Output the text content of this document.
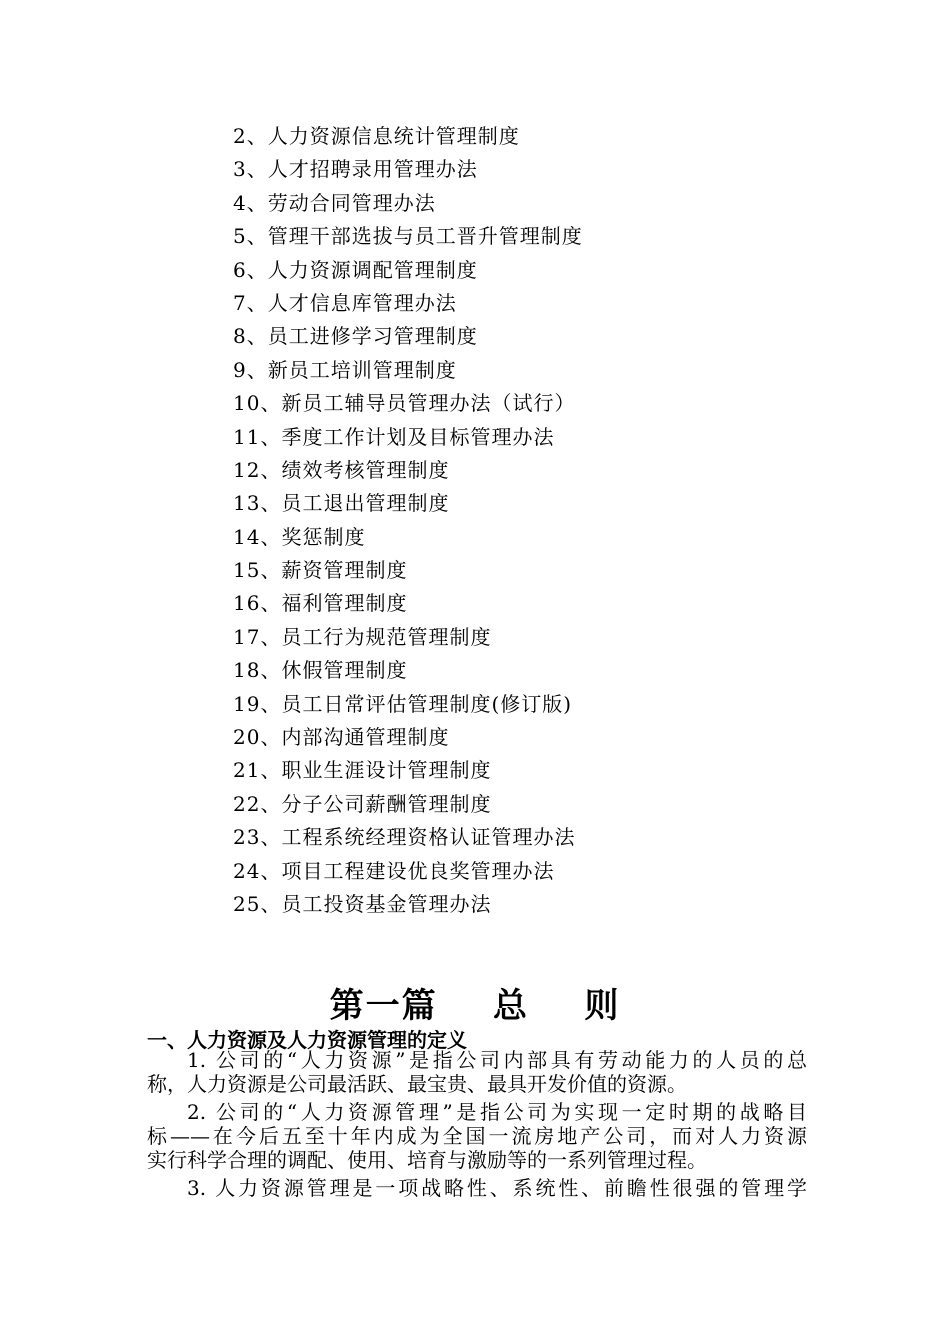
2、人力资源信息统计管理制度
3、人才招聘录用管理办法
4、劳动合同管理办法
5、管理干部选拔与员工晋升管理制度
6、人力资源调配管理制度
7、人才信息库管理办法
8、员工进修学习管理制度
9、新员工培训管理制度
10、新员工辅导员管理办法（试行）
11、季度工作计划及目标管理办法
12、绩效考核管理制度
13、员工退出管理制度
14、奖惩制度
15、薪资管理制度
16、福利管理制度
17、员工行为规范管理制度
18、休假管理制度
19、员工日常评估管理制度(修订版)
20、内部沟通管理制度
21、职业生涯设计管理制度
22、分子公司薪酬管理制度
23、工程系统经理资格认证管理办法
24、项目工程建设优良奖管理办法
25、员工投资基金管理办法
第一篇    总    则
一、人力资源及人力资源管理的定义
1. 公司的“人力资源”是指公司内部具有劳动能力的人员的总
称，人力资源是公司最活跃、最宝贵、最具开发价值的资源。
2. 公司的“人力资源管理”是指公司为实现一定时期的战略目
标——在今后五至十年内成为全国一流房地产公司，而对人力资源
实行科学合理的调配、使用、培育与激励等的一系列管理过程。
3. 人力资源管理是一项战略性、系统性、前瞻性很强的管理学
